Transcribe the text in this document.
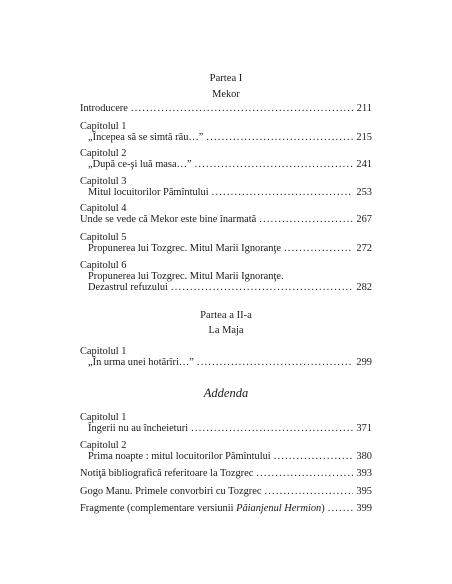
Partea I
Mekor
Introducere .....	211
Capitolul 1
„Începea să se simtă rău…” .....	215
Capitolul 2
„După ce-şi luă masa…” .....	241
Capitolul 3
Mitul locuitorilor Pămîntului .....	253
Capitolul 4
Unde se vede că Mekor este bine înarmată .....	267
Capitolul 5
Propunerea lui Tozgrec. Mitul Marii Ignoranţe .....	272
Capitolul 6
Propunerea lui Tozgrec. Mitul Marii Ignoranţe.
Dezastrul refuzului .....	282
Partea a II-a
La Maja
Capitolul 1
„În urma unei hotărîri…” .....	299
Addenda
Capitolul 1
Îngerii nu au încheieturi .....	371
Capitolul 2
Prima noapte : mitul locuitorilor Pămîntului .....	380
Notiţă bibliografică referitoare la Tozgrec .....	393
Gogo Manu. Primele convorbiri cu Tozgrec .....	395
Fragmente (complementare versiunii Păianjenul Hermion) .....	399
